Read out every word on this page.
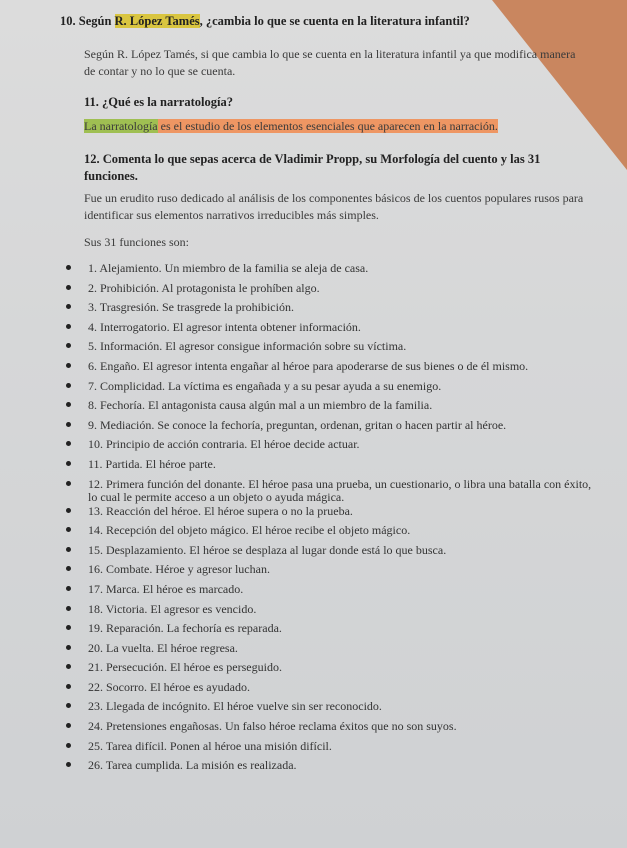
10. Según R. López Tamés, ¿cambia lo que se cuenta en la literatura infantil?
Según R. López Tamés, si que cambia lo que se cuenta en la literatura infantil ya que modifica manera de contar y no lo que se cuenta.
11. ¿Qué es la narratología?
La narratología es el estudio de los elementos esenciales que aparecen en la narración.
12. Comenta lo que sepas acerca de Vladimir Propp, su Morfología del cuento y las 31 funciones.
Fue un erudito ruso dedicado al análisis de los componentes básicos de los cuentos populares rusos para identificar sus elementos narrativos irreducibles más simples.
Sus 31 funciones son:
1. Alejamiento. Un miembro de la familia se aleja de casa.
2. Prohibición. Al protagonista le prohíben algo.
3. Trasgresión. Se trasgrede la prohibición.
4. Interrogatorio. El agresor intenta obtener información.
5. Información. El agresor consigue información sobre su víctima.
6. Engaño. El agresor intenta engañar al héroe para apoderarse de sus bienes o de él mismo.
7. Complicidad. La víctima es engañada y a su pesar ayuda a su enemigo.
8. Fechoría. El antagonista causa algún mal a un miembro de la familia.
9. Mediación. Se conoce la fechoría, preguntan, ordenan, gritan o hacen partir al héroe.
10. Principio de acción contraria. El héroe decide actuar.
11. Partida. El héroe parte.
12. Primera función del donante. El héroe pasa una prueba, un cuestionario, o libra una batalla con éxito, lo cual le permite acceso a un objeto o ayuda mágica.
13. Reacción del héroe. El héroe supera o no la prueba.
14. Recepción del objeto mágico. El héroe recibe el objeto mágico.
15. Desplazamiento. El héroe se desplaza al lugar donde está lo que busca.
16. Combate. Héroe y agresor luchan.
17. Marca. El héroe es marcado.
18. Victoria. El agresor es vencido.
19. Reparación. La fechoría es reparada.
20. La vuelta. El héroe regresa.
21. Persecución. El héroe es perseguido.
22. Socorro. El héroe es ayudado.
23. Llegada de incógnito. El héroe vuelve sin ser reconocido.
24. Pretensiones engañosas. Un falso héroe reclama éxitos que no son suyos.
25. Tarea difícil. Ponen al héroe una misión difícil.
26. Tarea cumplida. La misión es realizada.
